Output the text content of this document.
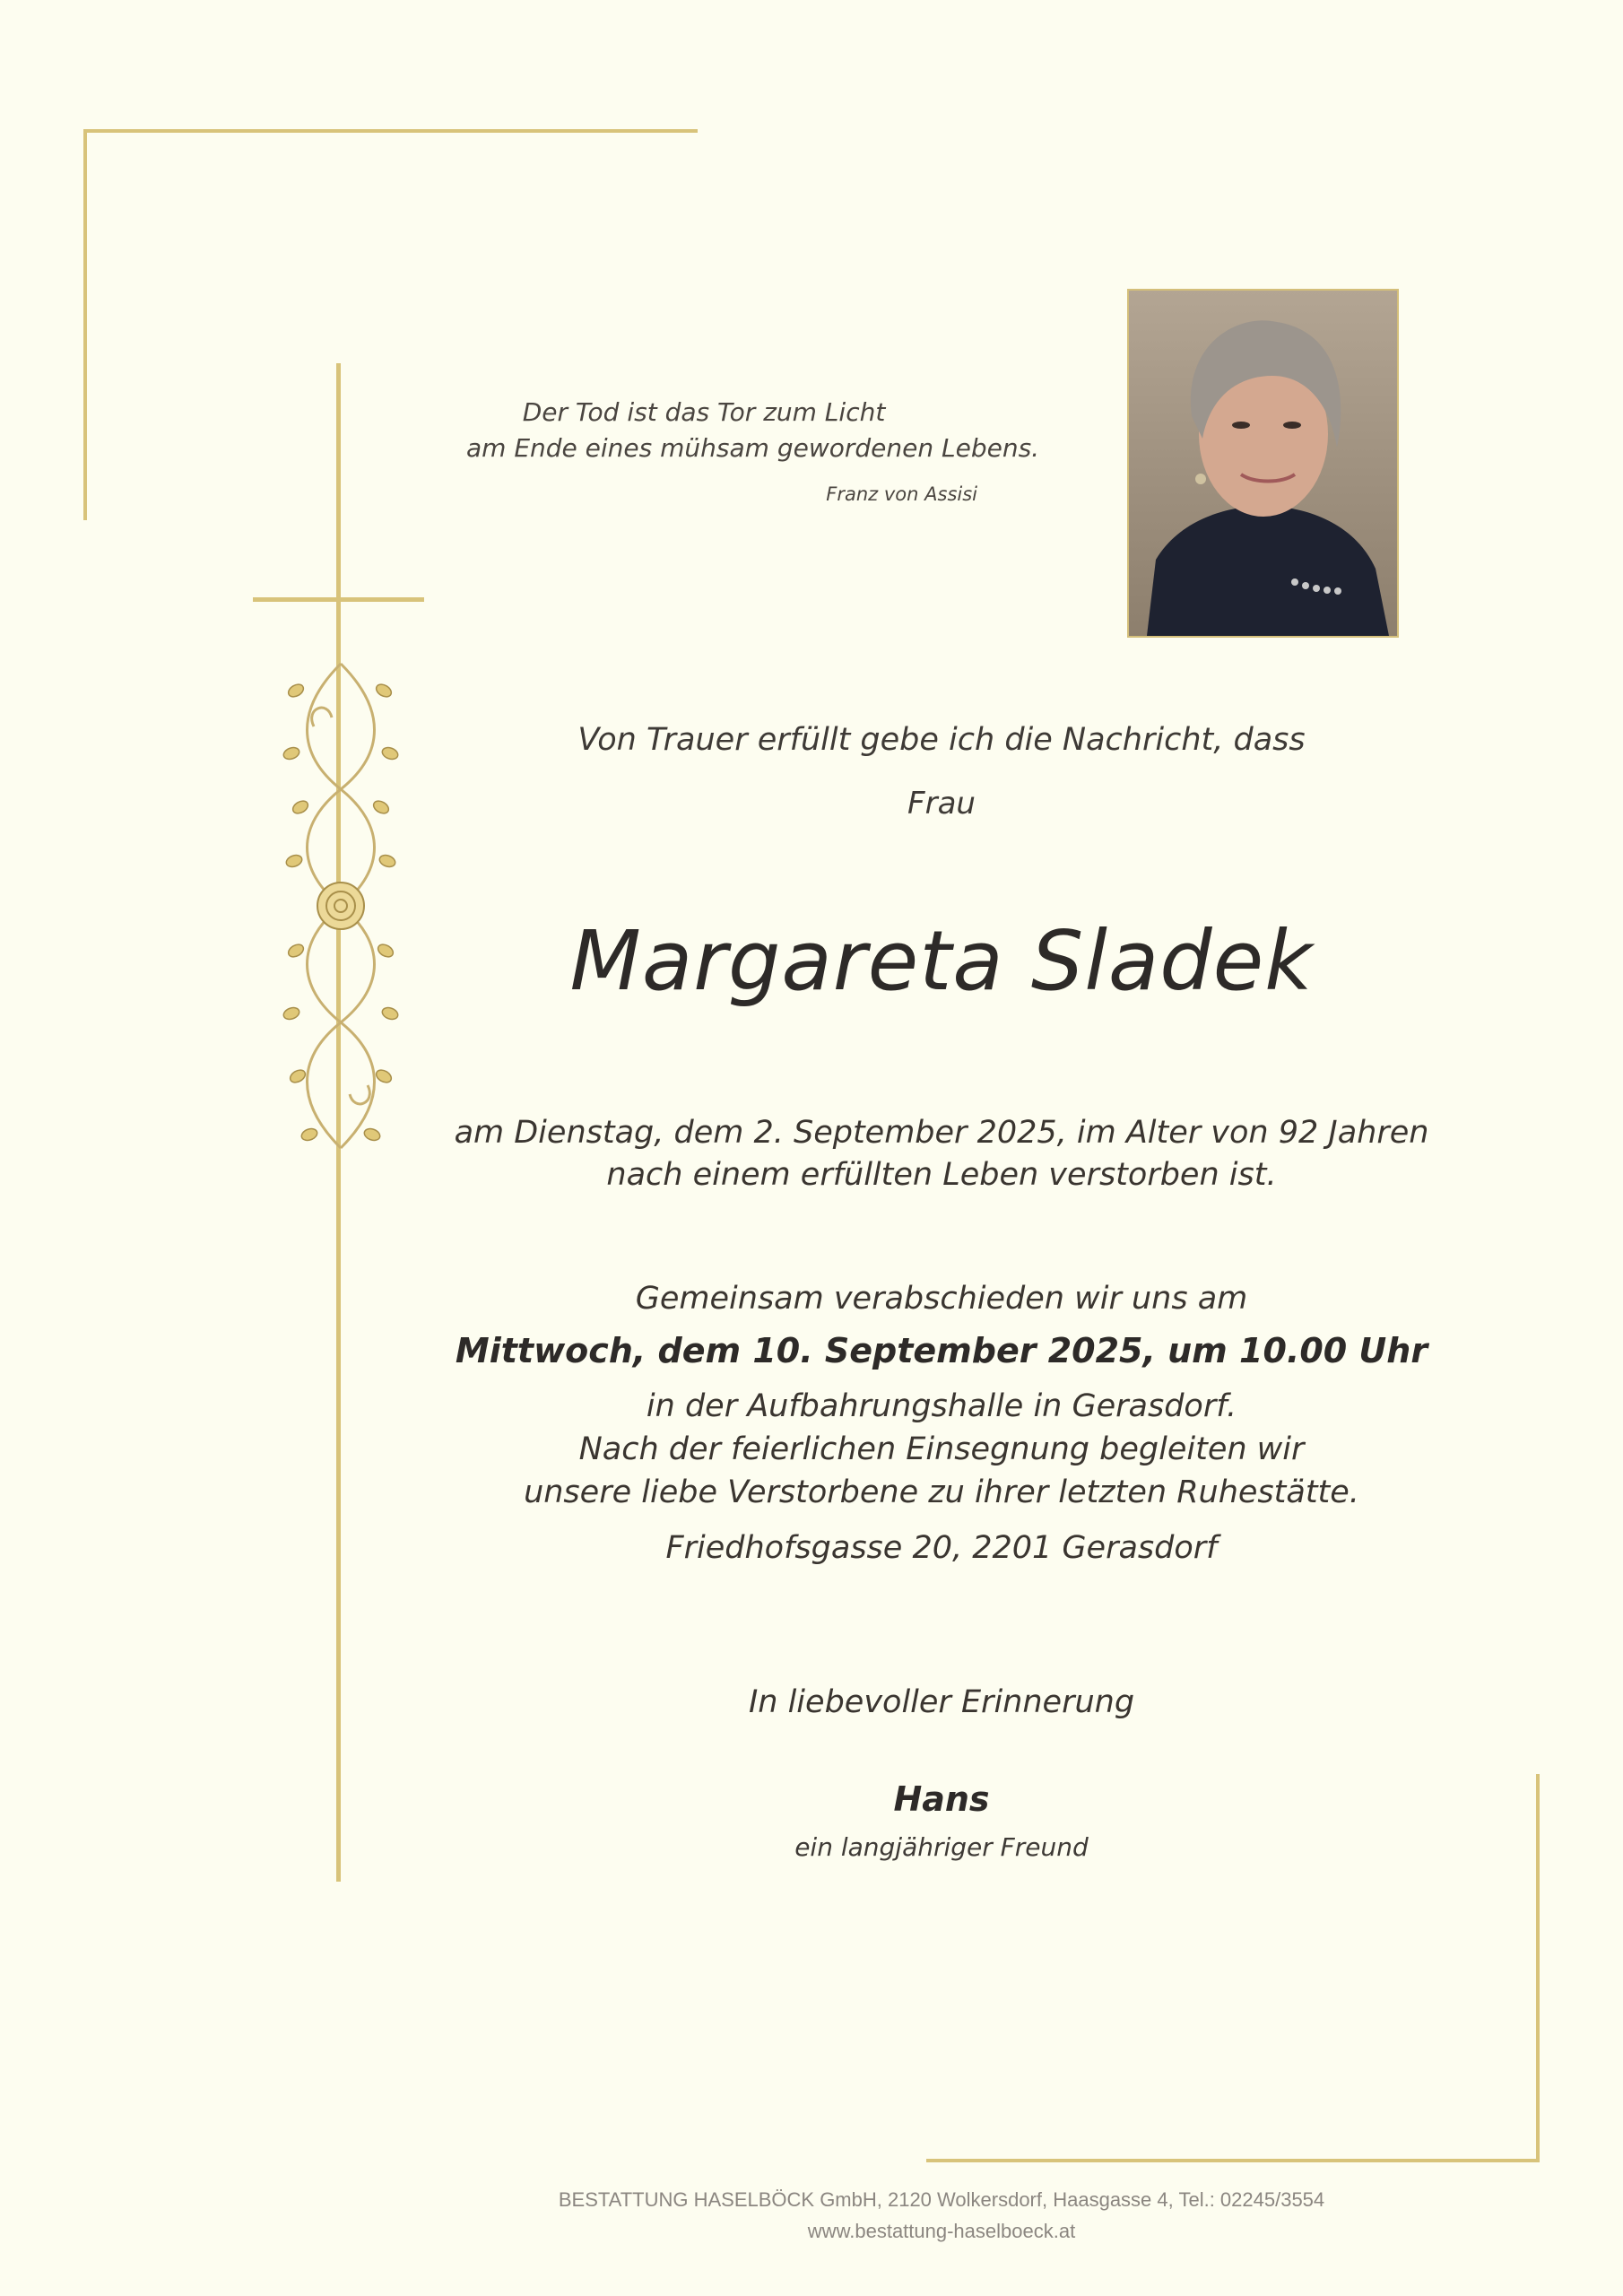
Der Tod ist das Tor zum Licht
am Ende eines mühsam gewordenen Lebens.
Franz von Assisi
Von Trauer erfüllt gebe ich die Nachricht, dass
Frau
Margareta Sladek
am Dienstag, dem 2. September 2025, im Alter von 92 Jahren
nach einem erfüllten Leben verstorben ist.
Gemeinsam verabschieden wir uns am
Mittwoch, dem 10. September 2025, um 10.00 Uhr
in der Aufbahrungshalle in Gerasdorf.
Nach der feierlichen Einsegnung begleiten wir
unsere liebe Verstorbene zu ihrer letzten Ruhestätte.
Friedhofsgasse 20, 2201 Gerasdorf
In liebevoller Erinnerung
Hans
ein langjähriger Freund
BESTATTUNG HASELBÖCK GmbH, 2120 Wolkersdorf, Haasgasse 4, Tel.: 02245/3554
www.bestattung-haselboeck.at
